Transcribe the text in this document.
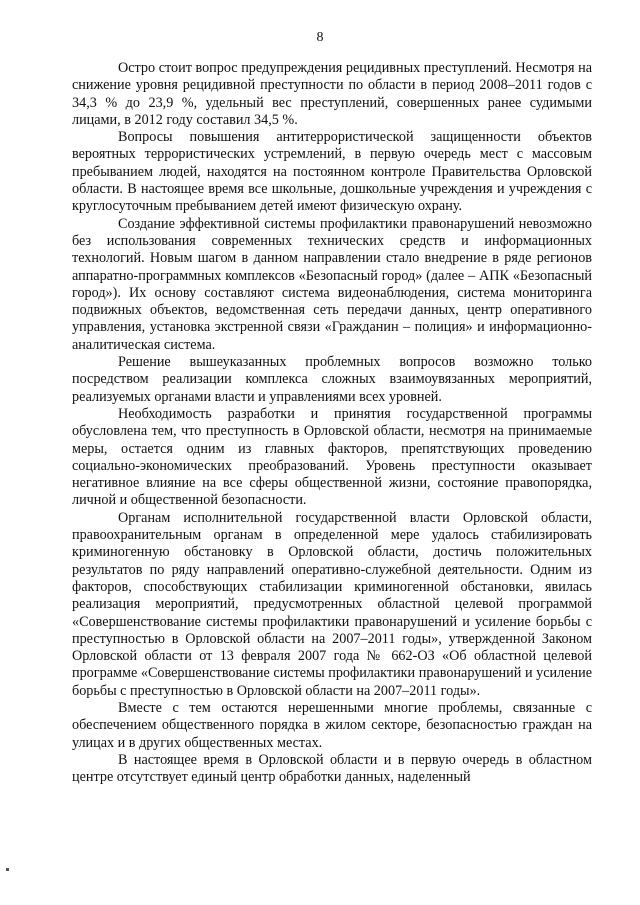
8

Остро стоит вопрос предупреждения рецидивных преступлений. Несмотря на снижение уровня рецидивной преступности по области в период 2008–2011 годов с 34,3 % до 23,9 %, удельный вес преступлений, совершенных ранее судимыми лицами, в 2012 году составил 34,5 %.

Вопросы повышения антитеррористической защищенности объектов вероятных террористических устремлений, в первую очередь мест с массовым пребыванием людей, находятся на постоянном контроле Правительства Орловской области. В настоящее время все школьные, дошкольные учреждения и учреждения с круглосуточным пребыванием детей имеют физическую охрану.

Создание эффективной системы профилактики правонарушений невозможно без использования современных технических средств и информационных технологий. Новым шагом в данном направлении стало внедрение в ряде регионов аппаратно-программных комплексов «Безопасный город» (далее – АПК «Безопасный город»). Их основу составляют система видеонаблюдения, система мониторинга подвижных объектов, ведомственная сеть передачи данных, центр оперативного управления, установка экстренной связи «Гражданин – полиция» и информационно-аналитическая система.

Решение вышеуказанных проблемных вопросов возможно только посредством реализации комплекса сложных взаимоувязанных мероприятий, реализуемых органами власти и управлениями всех уровней.

Необходимость разработки и принятия государственной программы обусловлена тем, что преступность в Орловской области, несмотря на принимаемые меры, остается одним из главных факторов, препятствующих проведению социально-экономических преобразований. Уровень преступности оказывает негативное влияние на все сферы общественной жизни, состояние правопорядка, личной и общественной безопасности.

Органам исполнительной государственной власти Орловской области, правоохранительным органам в определенной мере удалось стабилизировать криминогенную обстановку в Орловской области, достичь положительных результатов по ряду направлений оперативно-служебной деятельности. Одним из факторов, способствующих стабилизации криминогенной обстановки, явилась реализация мероприятий, предусмотренных областной целевой программой «Совершенствование системы профилактики правонарушений и усиление борьбы с преступностью в Орловской области на 2007–2011 годы», утвержденной Законом Орловской области от 13 февраля 2007 года № 662-ОЗ «Об областной целевой программе «Совершенствование системы профилактики правонарушений и усиление борьбы с преступностью в Орловской области на 2007–2011 годы».

Вместе с тем остаются нерешенными многие проблемы, связанные с обеспечением общественного порядка в жилом секторе, безопасностью граждан на улицах и в других общественных местах.

В настоящее время в Орловской области и в первую очередь в областном центре отсутствует единый центр обработки данных, наделенный
